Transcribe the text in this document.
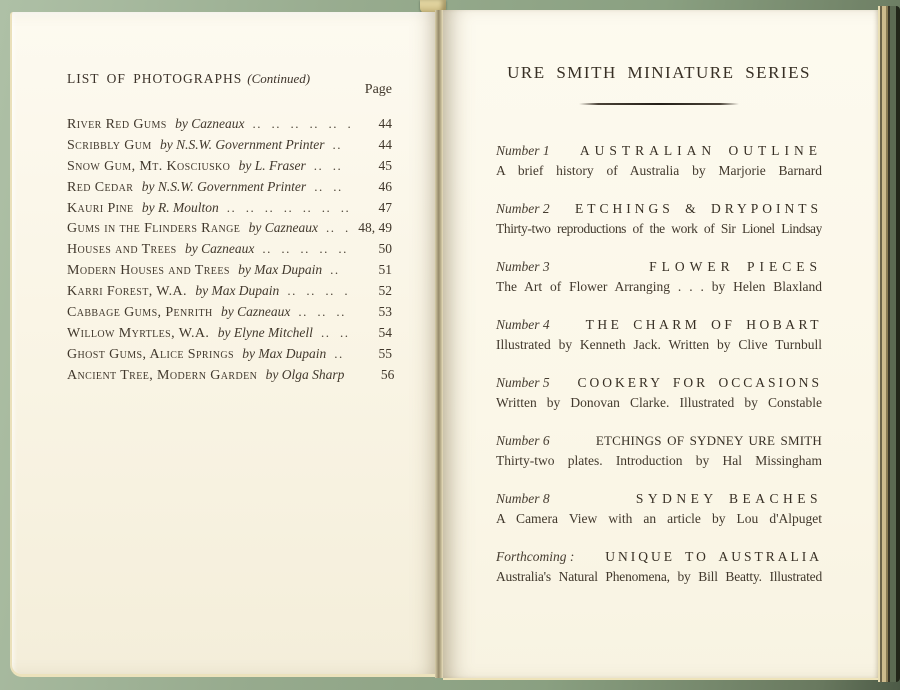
LIST OF PHOTOGRAPHS (Continued)
Page
River Red Gums by Cazneaux ..  .	44
Scribbly Gum by N.S.W. Government Printer ..  .	44
Snow Gum, Mt. Kosciusko by L. Fraser ..  .	45
Red Cedar by N.S.W. Government Printer ..  .	46
Kauri Pine by R. Moulton ..  .	47
Gums in the Flinders Range by Cazneaux ..  .	48, 49
Houses and Trees by Cazneaux ..  .	50
Modern Houses and Trees by Max Dupain ..  .	51
Karri Forest, W.A. by Max Dupain ..  .	52
Cabbage Gums, Penrith by Cazneaux ..  .	53
Willow Myrtles, W.A. by Elyne Mitchell ..  .	54
Ghost Gums, Alice Springs by Max Dupain ..  .	55
Ancient Tree, Modern Garden by Olga Sharp	56
URE SMITH MINIATURE SERIES
Number 1 AUSTRALIAN OUTLINE
A brief history of Australia by Marjorie Barnard
Number 2 ETCHINGS & DRYPOINTS
Thirty-two reproductions of the work of Sir Lionel Lindsay
Number 3	FLOWER PIECES
The Art of Flower Arranging . . . by Helen Blaxland
Number 4	THE CHARM OF HOBART
Illustrated by Kenneth Jack. Written by Clive Turnbull
Number 5 COOKERY FOR OCCASIONS
Written by Donovan Clarke. Illustrated by Constable
Number 6	ETCHINGS OF SYDNEY URE SMITH
Thirty-two plates. Introduction by Hal Missingham
Number 8	SYDNEY BEACHES
A Camera View with an article by Lou d'Alpuget
Forthcoming : UNIQUE TO AUSTRALIA
Australia's Natural Phenomena, by Bill Beatty. Illustrated
